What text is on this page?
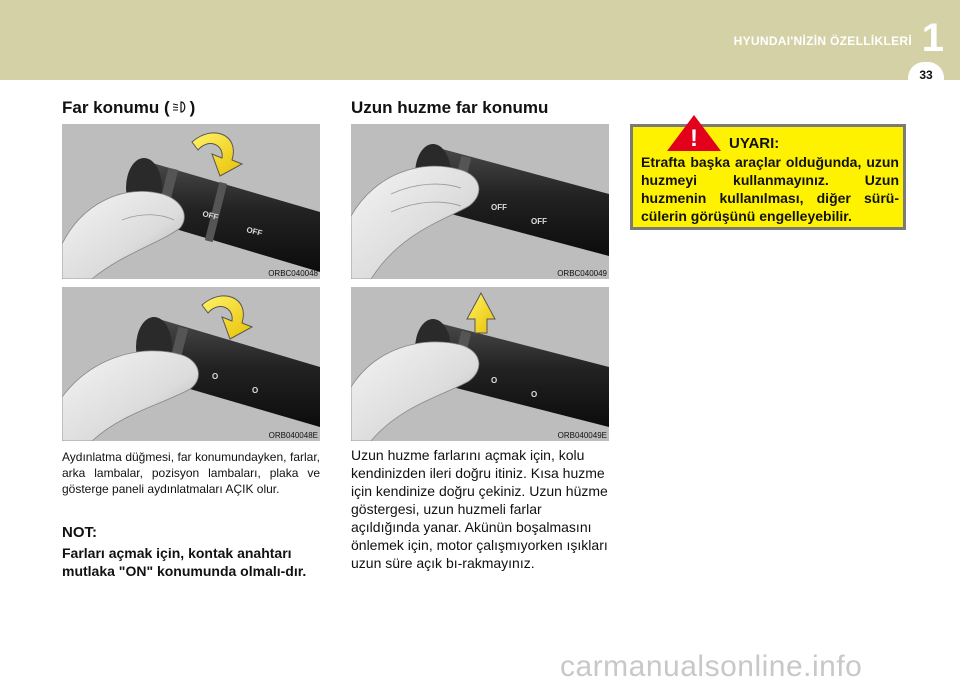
HYUNDAI'NİZİN ÖZELLİKLERİ 1
33
Far konumu ( )
OFF
OFF
ORBC040048
O
O
ORB040048E
Aydınlatma düğmesi, far konumundayken, farlar, arka lambalar, pozisyon lambaları, plaka ve gösterge paneli aydınlatmaları AÇIK olur.
NOT:
Farları açmak için, kontak anahtarı mutlaka "ON" konumunda olmalı-dır.
Uzun huzme far konumu
OFF
OFF
ORBC040049
O
O
ORB040049E
Uzun huzme farlarını açmak için, kolu kendinizden ileri doğru itiniz. Kısa huzme için kendinize doğru çekiniz. Uzun hüzme göstergesi, uzun huzmeli farlar açıldığında yanar. Akünün boşalmasını önlemek için, motor çalışmıyorken ışıkları uzun süre açık bı-rakmayınız.
! UYARI:
Etrafta başka araçlar olduğunda, uzun huzmeyi kullanmayınız. Uzun huzmenin kullanılması, diğer sürü-cülerin görüşünü engelleyebilir.
carmanualsonline.info
